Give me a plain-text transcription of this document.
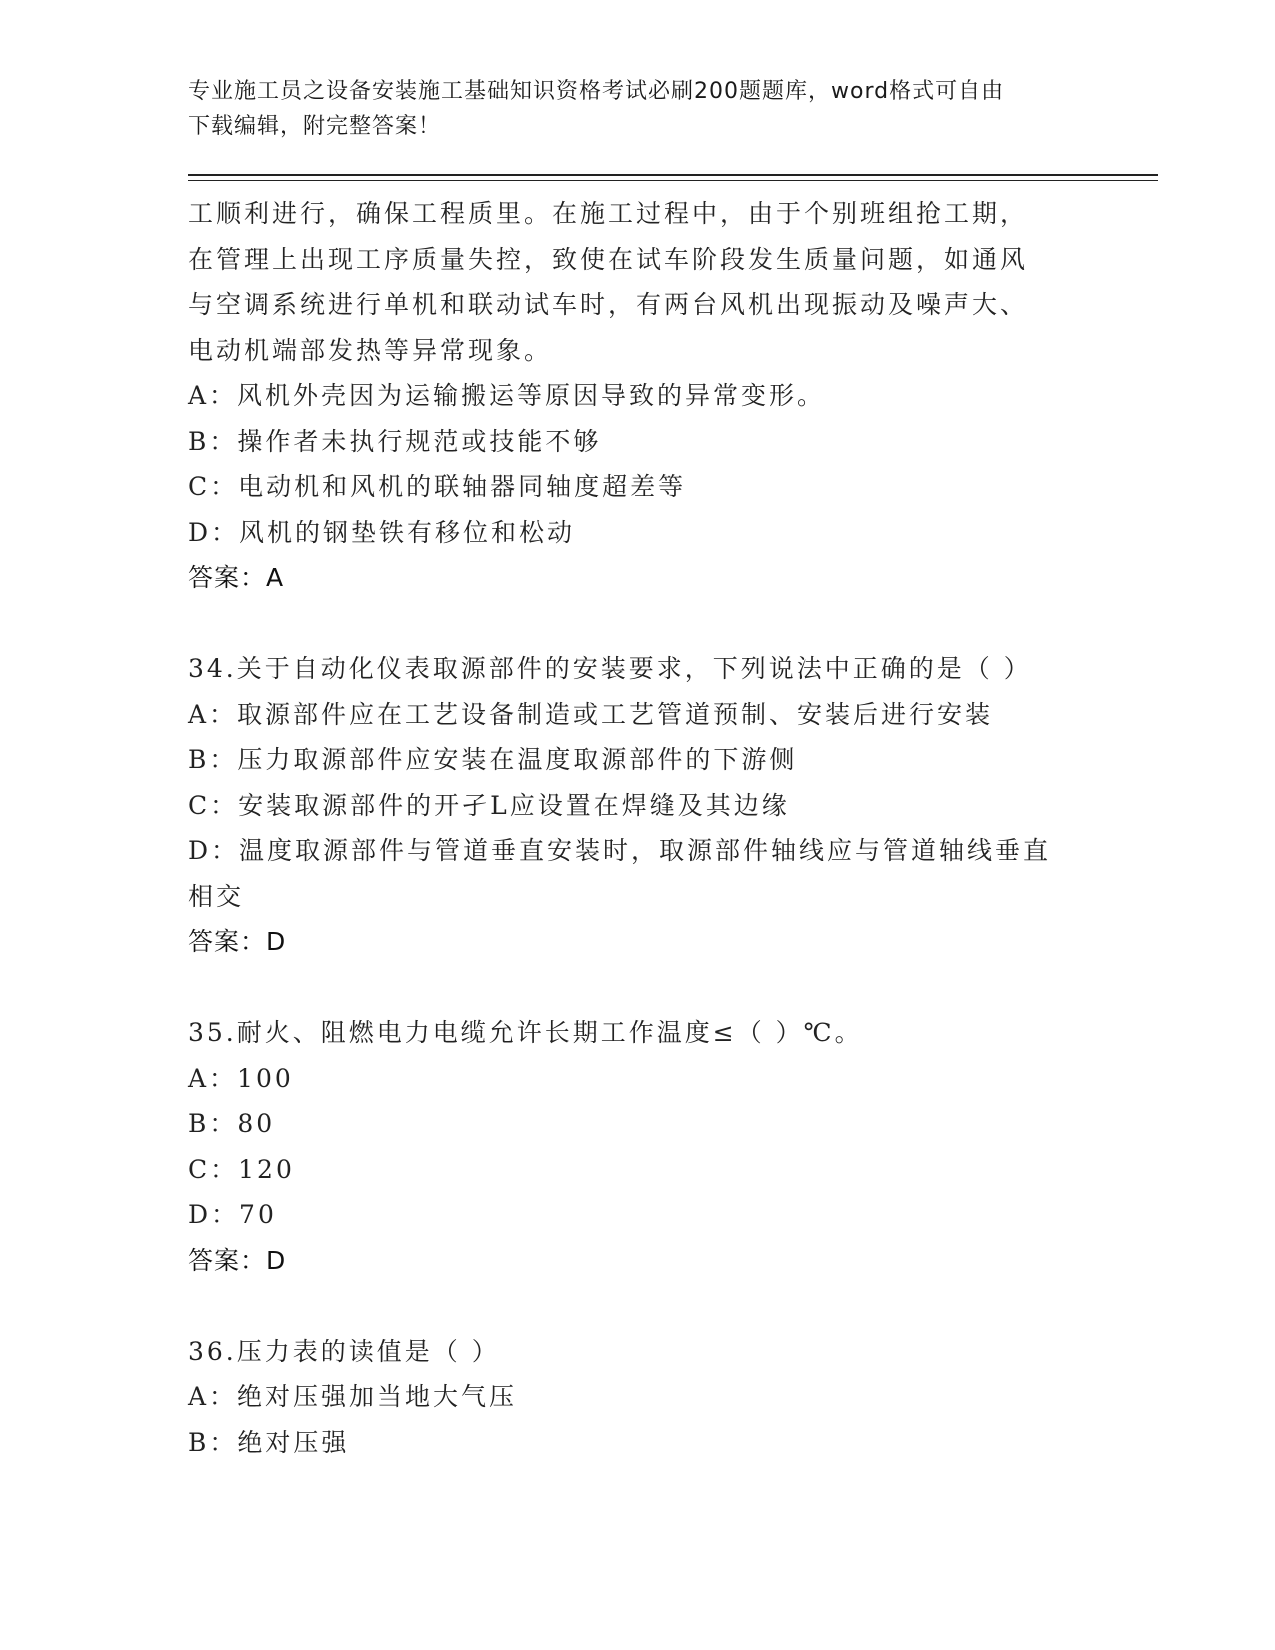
专业施工员之设备安装施工基础知识资格考试必刷200题题库，word格式可自由
下载编辑，附完整答案！
工顺利进行，确保工程质里。在施工过程中，由于个别班组抢工期，
在管理上出现工序质量失控，致使在试车阶段发生质量问题，如通风
与空调系统进行单机和联动试车时，有两台风机出现振动及噪声大、
电动机端部发热等异常现象。
A：风机外壳因为运输搬运等原因导致的异常变形。
B：操作者未执行规范或技能不够
C：电动机和风机的联轴器同轴度超差等
D：风机的钢垫铁有移位和松动
答案：A
34.关于自动化仪表取源部件的安装要求，下列说法中正确的是（ ）
A：取源部件应在工艺设备制造或工艺管道预制、安装后进行安装
B：压力取源部件应安装在温度取源部件的下游侧
C：安装取源部件的开孑L应设置在焊缝及其边缘
D：温度取源部件与管道垂直安装时，取源部件轴线应与管道轴线垂直
相交
答案：D
35.耐火、阻燃电力电缆允许长期工作温度≤（ ）℃。
A：100
B：80
C：120
D：70
答案：D
36.压力表的读值是（ ）
A：绝对压强加当地大气压
B：绝对压强
